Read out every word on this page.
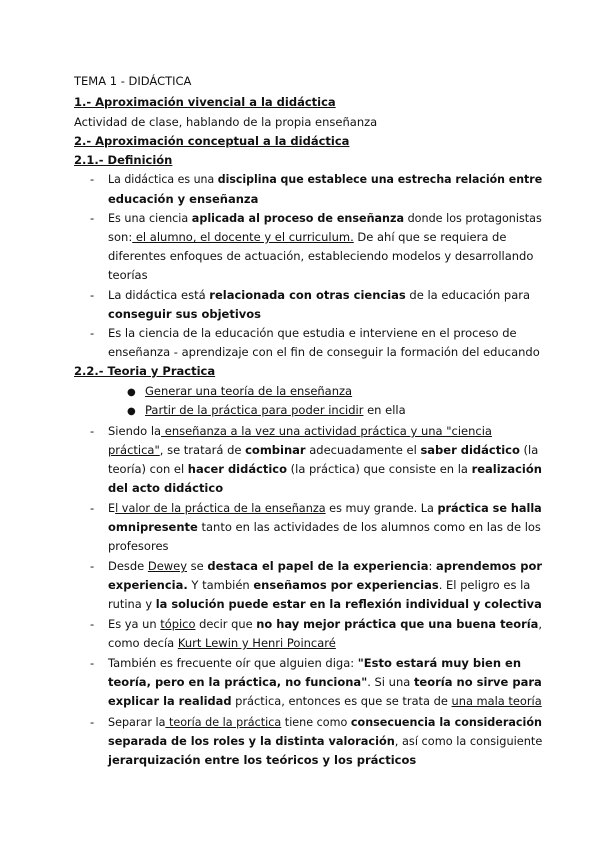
TEMA 1 - DIDÁCTICA
1.- Aproximación vivencial a la didáctica
Actividad de clase, hablando de la propia enseñanza
2.- Aproximación conceptual a la didáctica
2.1.- Definición
- La didáctica es una disciplina que establece una estrecha relación entre
educación y enseñanza
- Es una ciencia aplicada al proceso de enseñanza donde los protagonistas
son: el alumno, el docente y el curriculum. De ahí que se requiera de
diferentes enfoques de actuación, estableciendo modelos y desarrollando
teorías
- La didáctica está relacionada con otras ciencias de la educación para
conseguir sus objetivos
- Es la ciencia de la educación que estudia e interviene en el proceso de
enseñanza - aprendizaje con el fin de conseguir la formación del educando
2.2.- Teoria y Practica
● Generar una teoría de la enseñanza
● Partir de la práctica para poder incidir en ella
- Siendo la enseñanza a la vez una actividad práctica y una "ciencia
práctica", se tratará de combinar adecuadamente el saber didáctico (la
teoría) con el hacer didáctico (la práctica) que consiste en la realización
del acto didáctico
- El valor de la práctica de la enseñanza es muy grande. La práctica se halla
omnipresente tanto en las actividades de los alumnos como en las de los
profesores
- Desde Dewey se destaca el papel de la experiencia: aprendemos por
experiencia. Y también enseñamos por experiencias. El peligro es la
rutina y la solución puede estar en la reflexión individual y colectiva
- Es ya un tópico decir que no hay mejor práctica que una buena teoría,
como decía Kurt Lewin y Henri Poincaré
- También es frecuente oír que alguien diga: "Esto estará muy bien en
teoría, pero en la práctica, no funciona". Si una teoría no sirve para
explicar la realidad práctica, entonces es que se trata de una mala teoría
- Separar la teoría de la práctica tiene como consecuencia la consideración
separada de los roles y la distinta valoración, así como la consiguiente
jerarquización entre los teóricos y los prácticos
